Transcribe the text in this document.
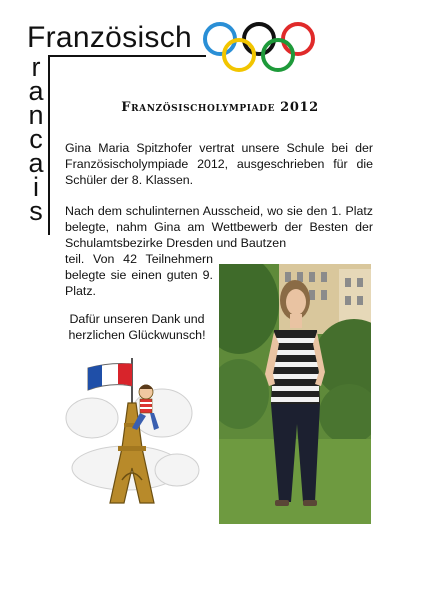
Französisch
r
a
n
c
a
i
s
Französischolympiade 2012
Gina Maria Spitzhofer vertrat unsere Schule bei der Französischolympiade 2012, ausgeschrieben für die Schüler der 8. Klassen.
Nach dem schulinternen Ausscheid, wo sie den 1. Platz belegte, nahm Gina am Wettbewerb der Besten der Schulamtsbezirke Dresden und Bautzen
teil. Von 42 Teilnehmern belegte sie einen guten 9. Platz.
Dafür unseren Dank und herzlichen Glückwunsch!
